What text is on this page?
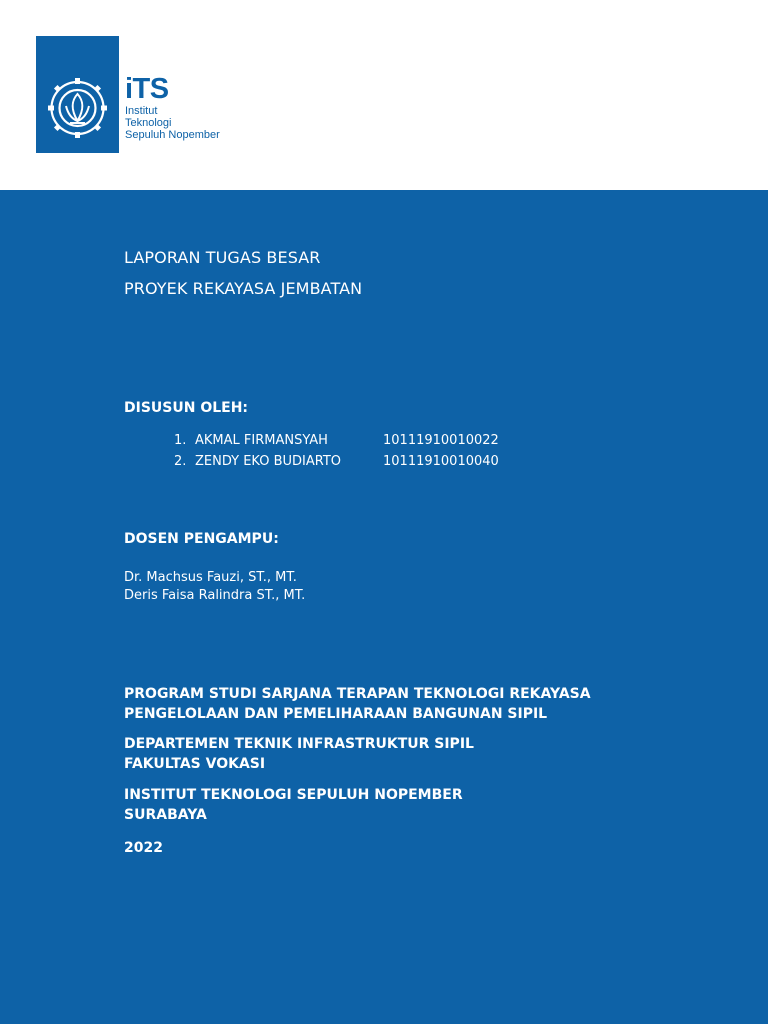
iTS
Institut
Teknologi
Sepuluh Nopember
LAPORAN TUGAS BESAR
PROYEK REKAYASA JEMBATAN
DISUSUN OLEH:
1. AKMAL FIRMANSYAH	10111910010022
2. ZENDY EKO BUDIARTO	10111910010040
DOSEN PENGAMPU:
Dr. Machsus Fauzi, ST., MT.
Deris Faisa Ralindra ST., MT.
PROGRAM STUDI SARJANA TERAPAN TEKNOLOGI REKAYASA
PENGELOLAAN DAN PEMELIHARAAN BANGUNAN SIPIL
DEPARTEMEN TEKNIK INFRASTRUKTUR SIPIL
FAKULTAS VOKASI
INSTITUT TEKNOLOGI SEPULUH NOPEMBER
SURABAYA
2022
